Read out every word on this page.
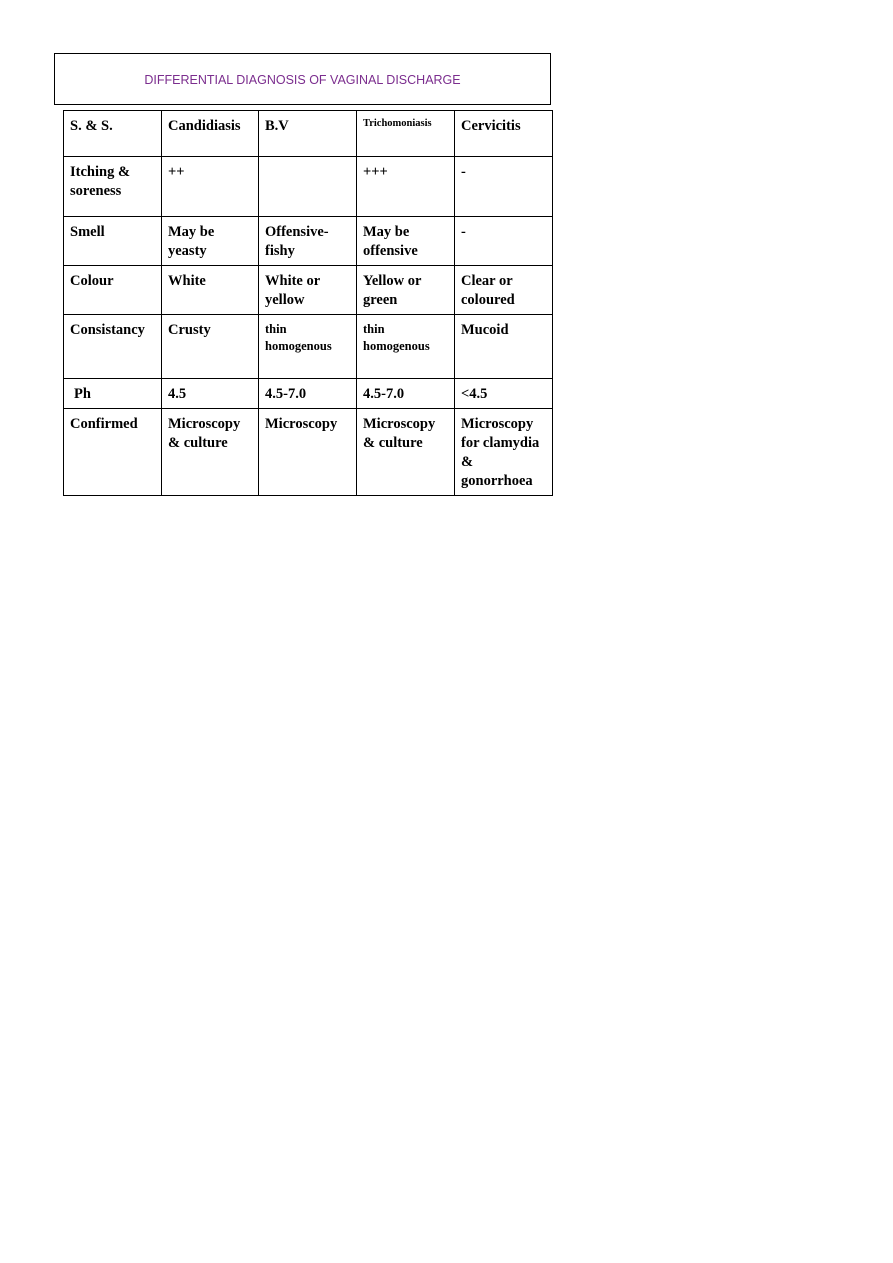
DIFFERENTIAL DIAGNOSIS OF VAGINAL DISCHARGE
S. & S.	Candidiasis	B.V	Trichomoniasis	Cervicitis
Itching & soreness	++		+++	-
Smell	May be yeasty	Offensive-fishy	May be offensive	-
Colour	White	White or yellow	Yellow or green	Clear or coloured
Consistancy	Crusty	thin homogenous	thin homogenous	Mucoid
Ph	4.5	4.5-7.0	4.5-7.0	<4.5
Confirmed	Microscopy & culture	Microscopy	Microscopy & culture	Microscopy for clamydia & gonorrhoea
